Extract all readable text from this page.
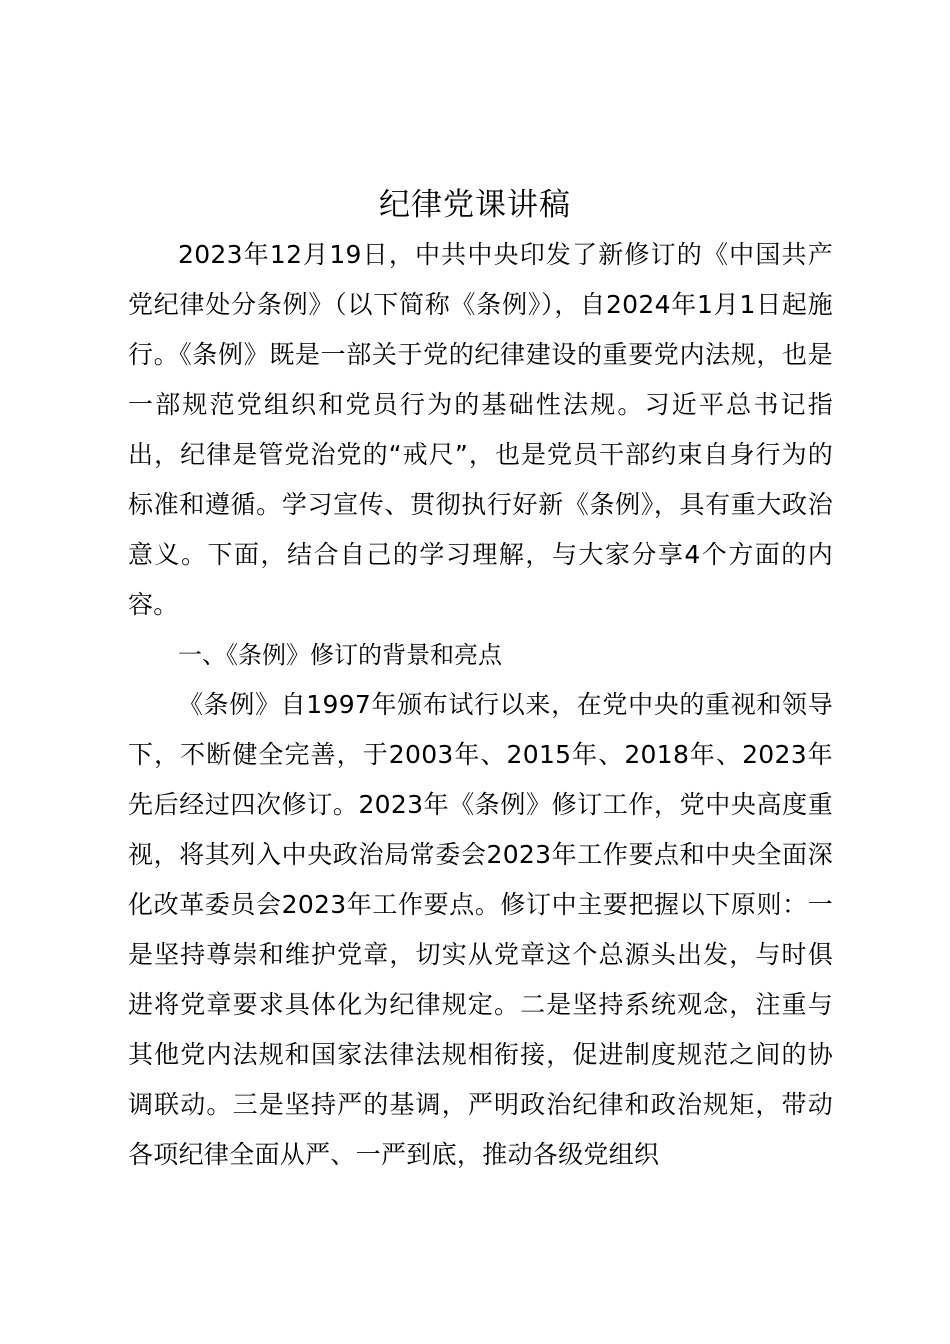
纪律党课讲稿

2023年12月19日，中共中央印发了新修订的《中国共产党纪律处分条例》（以下简称《条例》），自2024年1月1日起施行。《条例》既是一部关于党的纪律建设的重要党内法规，也是一部规范党组织和党员行为的基础性法规。习近平总书记指出，纪律是管党治党的“戒尺”，也是党员干部约束自身行为的标准和遵循。学习宣传、贯彻执行好新《条例》，具有重大政治意义。下面，结合自己的学习理解，与大家分享4个方面的内容。

一、《条例》修订的背景和亮点

《条例》自1997年颁布试行以来，在党中央的重视和领导下，不断健全完善，于2003年、2015年、2018年、2023年先后经过四次修订。2023年《条例》修订工作，党中央高度重视，将其列入中央政治局常委会2023年工作要点和中央全面深化改革委员会2023年工作要点。修订中主要把握以下原则：一是坚持尊崇和维护党章，切实从党章这个总源头出发，与时俱进将党章要求具体化为纪律规定。二是坚持系统观念，注重与其他党内法规和国家法律法规相衔接，促进制度规范之间的协调联动。三是坚持严的基调，严明政治纪律和政治规矩，带动各项纪律全面从严、一严到底，推动各级党组织
